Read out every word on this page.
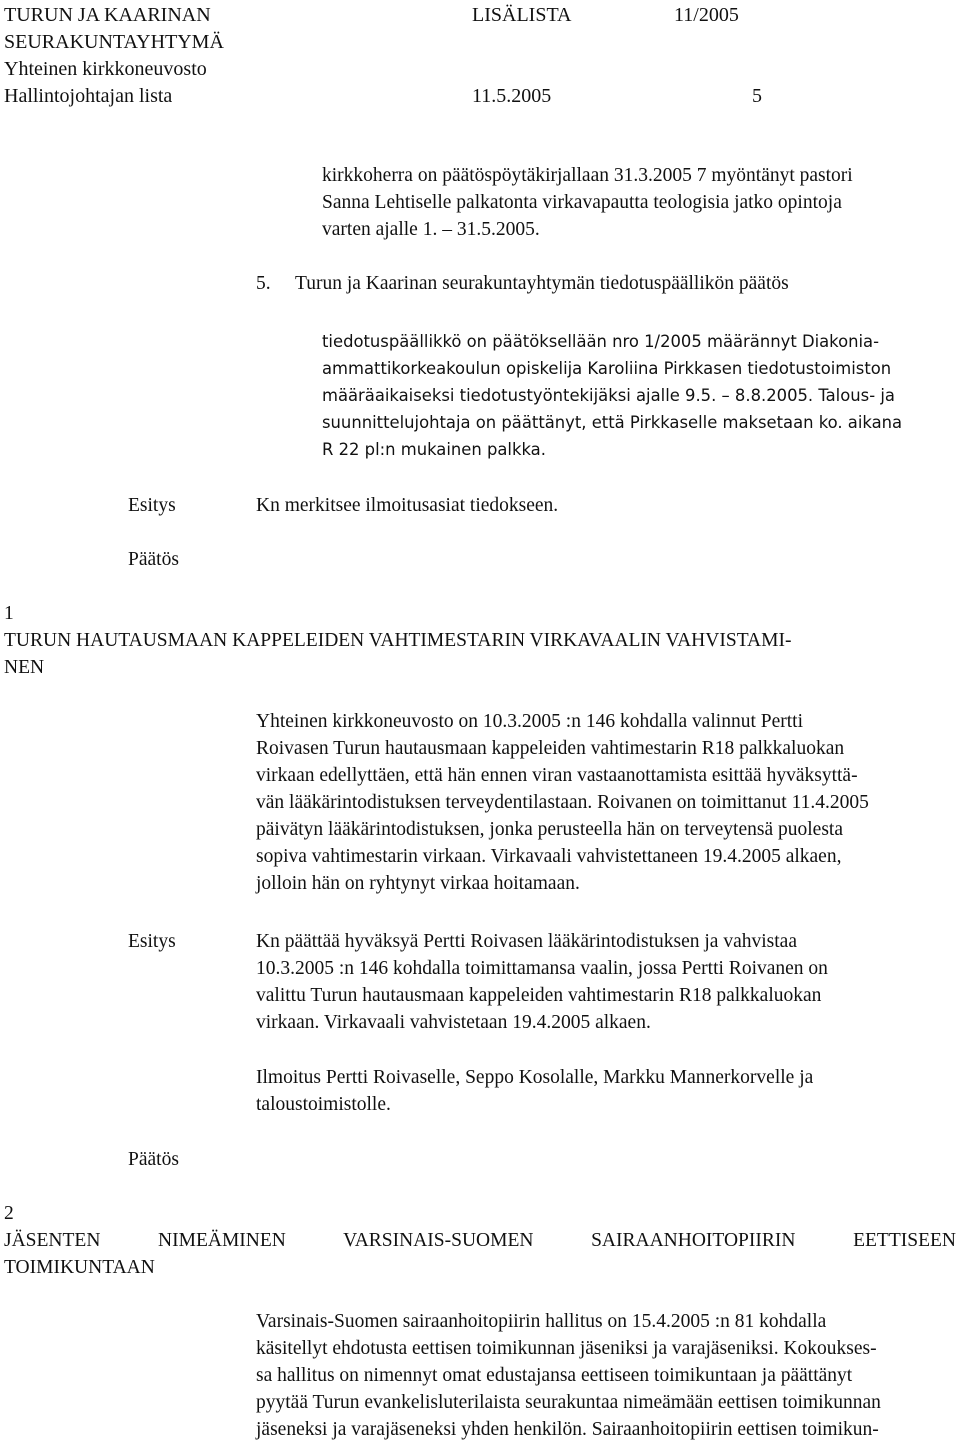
TURUN JA KAARINAN
SEURAKUNTAYHTYMÄ
Yhteinen kirkkoneuvosto
Hallintojohtajan lista
LISÄLISTA	11/2005
11.5.2005	5

kirkkoherra on päätöspöytäkirjallaan 31.3.2005 7 myöntänyt pastori

Sanna Lehtiselle palkatonta virkavapautta teologisia jatko opintoja

varten ajalle 1. – 31.5.2005.

5. Turun ja Kaarinan seurakuntayhtymän tiedotuspäällikön päätös

tiedotuspäällikkö on päätöksellään nro 1/2005 määrännyt Diakonia-

ammattikorkeakoulun opiskelija Karoliina Pirkkasen tiedotustoimiston

määräaikaiseksi tiedotustyöntekijäksi ajalle 9.5. – 8.8.2005. Talous- ja

suunnittelujohtaja on päättänyt, että Pirkkaselle maksetaan ko. aikana

R 22 pl:n mukainen palkka.

Esitys	Kn merkitsee ilmoitusasiat tiedokseen.
Päätös
1
TURUN HAUTAUSMAAN KAPPELEIDEN VAHTIMESTARIN VIRKAVAALIN VAHVISTAMI-
NEN

Yhteinen kirkkoneuvosto on 10.3.2005 :n 146 kohdalla valinnut Pertti

Roivasen Turun hautausmaan kappeleiden vahtimestarin R18 palkkaluokan

virkaan edellyttäen, että hän ennen viran vastaanottamista esittää hyväksyttä-

vän lääkärintodistuksen terveydentilastaan. Roivanen on toimittanut 11.4.2005

päivätyn lääkärintodistuksen, jonka perusteella hän on terveytensä puolesta

sopiva vahtimestarin virkaan. Virkavaali vahvistettaneen 19.4.2005 alkaen,

jolloin hän on ryhtynyt virkaa hoitamaan.

Esitys	Kn päättää hyväksyä Pertti Roivasen lääkärintodistuksen ja vahvistaa

10.3.2005 :n 146 kohdalla toimittamansa vaalin, jossa Pertti Roivanen on

valittu Turun hautausmaan kappeleiden vahtimestarin R18 palkkaluokan

virkaan. Virkavaali vahvistetaan 19.4.2005 alkaen.

Ilmoitus Pertti Roivaselle, Seppo Kosolalle, Markku Mannerkorvelle ja

taloustoimistolle.

Päätös
2

JÄSENTEN NIMEÄMINEN VARSINAIS-SUOMEN SAIRAANHOITOPIIRIN EETTISEEN

TOIMIKUNTAAN

Varsinais-Suomen sairaanhoitopiirin hallitus on 15.4.2005 :n 81 kohdalla

käsitellyt ehdotusta eettisen toimikunnan jäseniksi ja varajäseniksi. Kokoukses-

sa hallitus on nimennyt omat edustajansa eettiseen toimikuntaan ja päättänyt

pyytää Turun evankelisluterilaista seurakuntaa nimeämään eettisen toimikunnan

jäseneksi ja varajäseneksi yhden henkilön. Sairaanhoitopiirin eettisen toimikun-
